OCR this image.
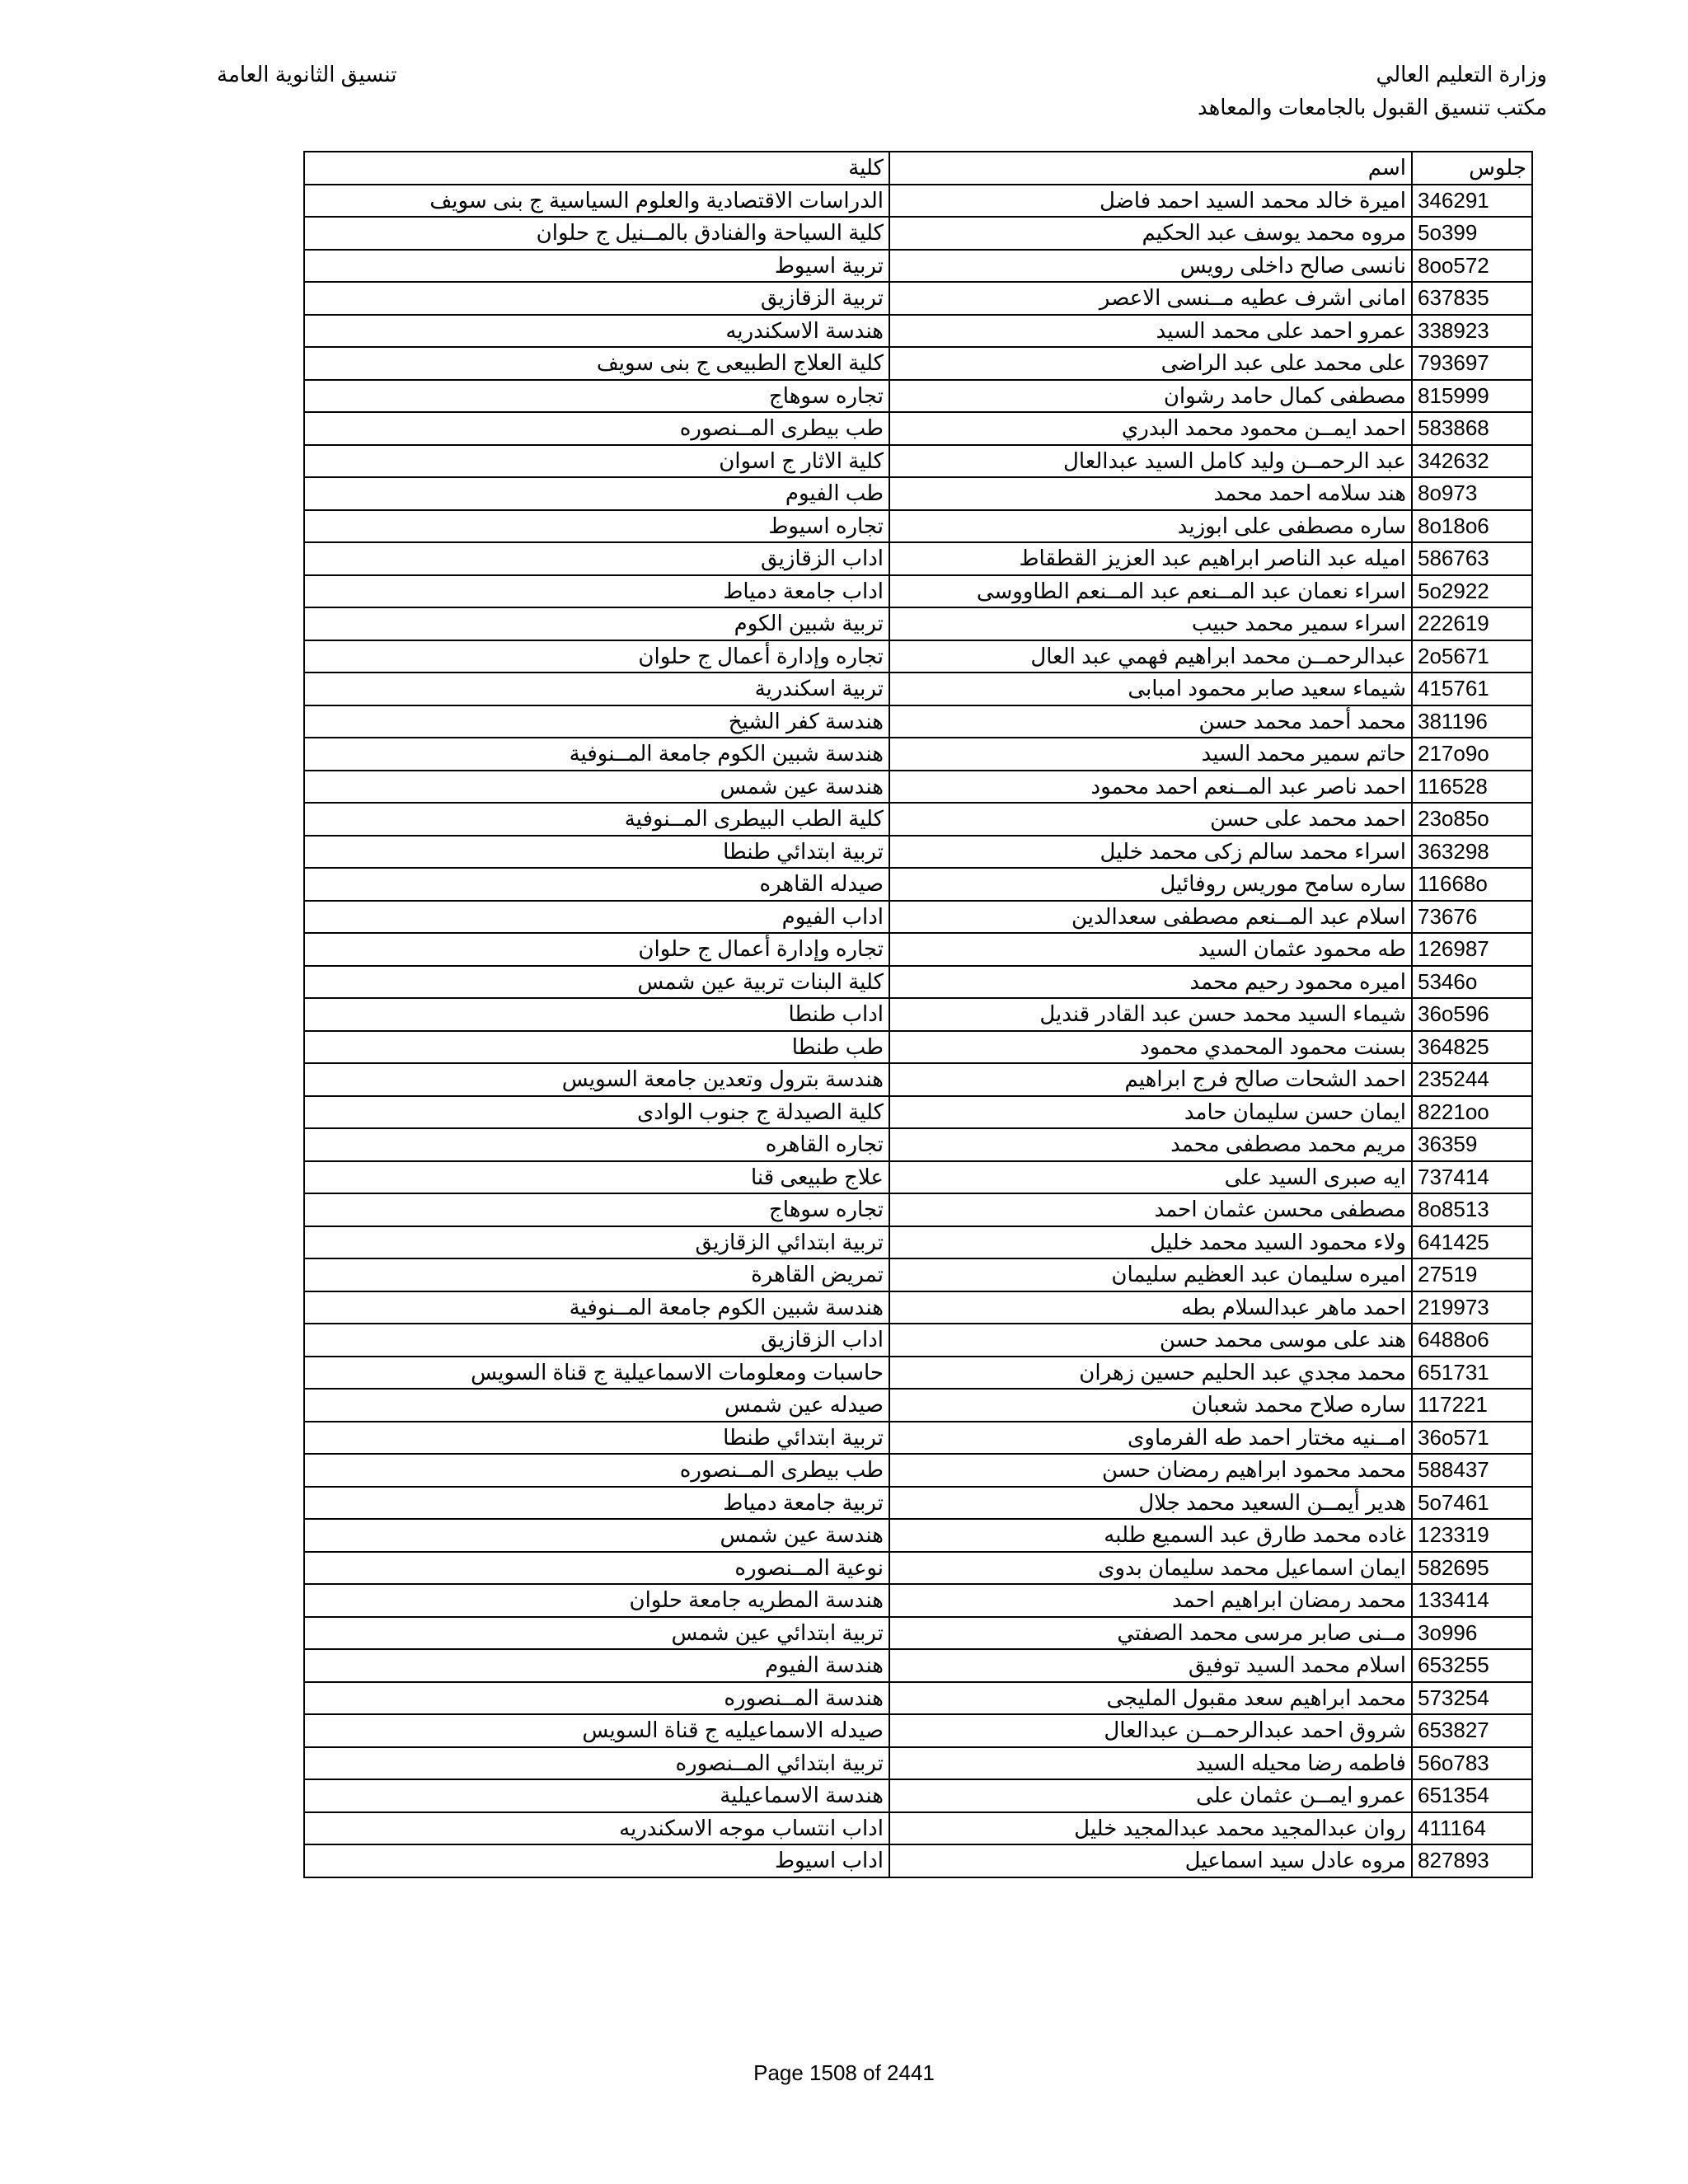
وزارة التعليم العالي
مكتب تنسيق القبول بالجامعات والمعاهد
تنسيق الثانوية العامة
جلوس	اسم	كلية
346291	اميرة خالد محمد السيد احمد فاضل	الدراسات الاقتصادية والعلوم السياسية ج بنى سويف
5o399	مروه محمد يوسف عبد الحكيم	كلية السياحة والفنادق بالمــنيل ج حلوان
8oo572	نانسى صالح داخلى رويس	تربية اسيوط
637835	امانى اشرف عطيه مــنسى الاعصر	تربية الزقازيق
338923	عمرو احمد على محمد السيد	هندسة الاسكندريه
793697	على محمد على عبد الراضى	كلية العلاج الطبيعى ج بنى سويف
815999	مصطفى كمال حامد رشوان	تجاره سوهاج
583868	احمد ايمــن محمود محمد البدري	طب بيطرى المــنصوره
342632	عبد الرحمــن وليد كامل السيد عبدالعال	كلية الاثار ج اسوان
8o973	هند سلامه احمد محمد	طب الفيوم
8o18o6	ساره مصطفى على ابوزيد	تجاره اسيوط
586763	اميله عبد الناصر ابراهيم عبد العزيز القطقاط	اداب الزقازيق
5o2922	اسراء نعمان عبد المــنعم عبد المــنعم الطاووسى	اداب جامعة دمياط
222619	اسراء سمير محمد حبيب	تربية شبين الكوم
2o5671	عبدالرحمــن محمد ابراهيم فهمي عبد العال	تجاره وإدارة أعمال ج حلوان
415761	شيماء سعيد صابر محمود امبابى	تربية اسكندرية
381196	محمد أحمد محمد حسن	هندسة كفر الشيخ
217o9o	حاتم سمير محمد السيد	هندسة شبين الكوم جامعة المــنوفية
116528	احمد ناصر عبد المــنعم احمد محمود	هندسة عين شمس
23o85o	احمد محمد على حسن	كلية الطب البيطرى المــنوفية
363298	اسراء محمد سالم زكى محمد خليل	تربية ابتدائي طنطا
11668o	ساره سامح موريس روفائيل	صيدله القاهره
73676	اسلام عبد المــنعم مصطفى سعدالدين	اداب الفيوم
126987	طه محمود عثمان السيد	تجاره وإدارة أعمال ج حلوان
5346o	اميره محمود رحيم محمد	كلية البنات تربية عين شمس
36o596	شيماء السيد محمد حسن عبد القادر قنديل	اداب طنطا
364825	بسنت محمود المحمدي محمود	طب طنطا
235244	احمد الشحات صالح فرج ابراهيم	هندسة بترول وتعدين جامعة السويس
8221oo	ايمان حسن سليمان حامد	كلية الصيدلة ج جنوب الوادى
36359	مريم محمد مصطفى محمد	تجاره القاهره
737414	ايه صبرى السيد على	علاج طبيعى قنا
8o8513	مصطفى محسن عثمان احمد	تجاره سوهاج
641425	ولاء محمود السيد محمد خليل	تربية ابتدائي الزقازيق
27519	اميره سليمان عبد العظيم سليمان	تمريض القاهرة
219973	احمد ماهر عبدالسلام بطه	هندسة شبين الكوم جامعة المــنوفية
6488o6	هند على موسى محمد حسن	اداب الزقازيق
651731	محمد مجدي عبد الحليم حسين زهران	حاسبات ومعلومات الاسماعيلية ج قناة السويس
117221	ساره صلاح محمد شعبان	صيدله عين شمس
36o571	امــنيه مختار احمد طه الفرماوى	تربية ابتدائي طنطا
588437	محمد محمود ابراهيم رمضان حسن	طب بيطرى المــنصوره
5o7461	هدير أيمــن السعيد محمد جلال	تربية جامعة دمياط
123319	غاده محمد طارق عبد السميع طلبه	هندسة عين شمس
582695	ايمان اسماعيل محمد سليمان بدوى	نوعية المــنصوره
133414	محمد رمضان ابراهيم احمد	هندسة المطريه جامعة حلوان
3o996	مــنى صابر مرسى محمد الصفتي	تربية ابتدائي عين شمس
653255	اسلام محمد السيد توفيق	هندسة الفيوم
573254	محمد ابراهيم سعد مقبول المليجى	هندسة المــنصوره
653827	شروق احمد عبدالرحمــن عبدالعال	صيدله الاسماعيليه ج قناة السويس
56o783	فاطمه رضا محيله السيد	تربية ابتدائي المــنصوره
651354	عمرو ايمــن عثمان على	هندسة الاسماعيلية
411164	روان عبدالمجيد محمد عبدالمجيد خليل	اداب انتساب موجه الاسكندريه
827893	مروه عادل سيد اسماعيل	اداب اسيوط
Page 1508 of 2441
